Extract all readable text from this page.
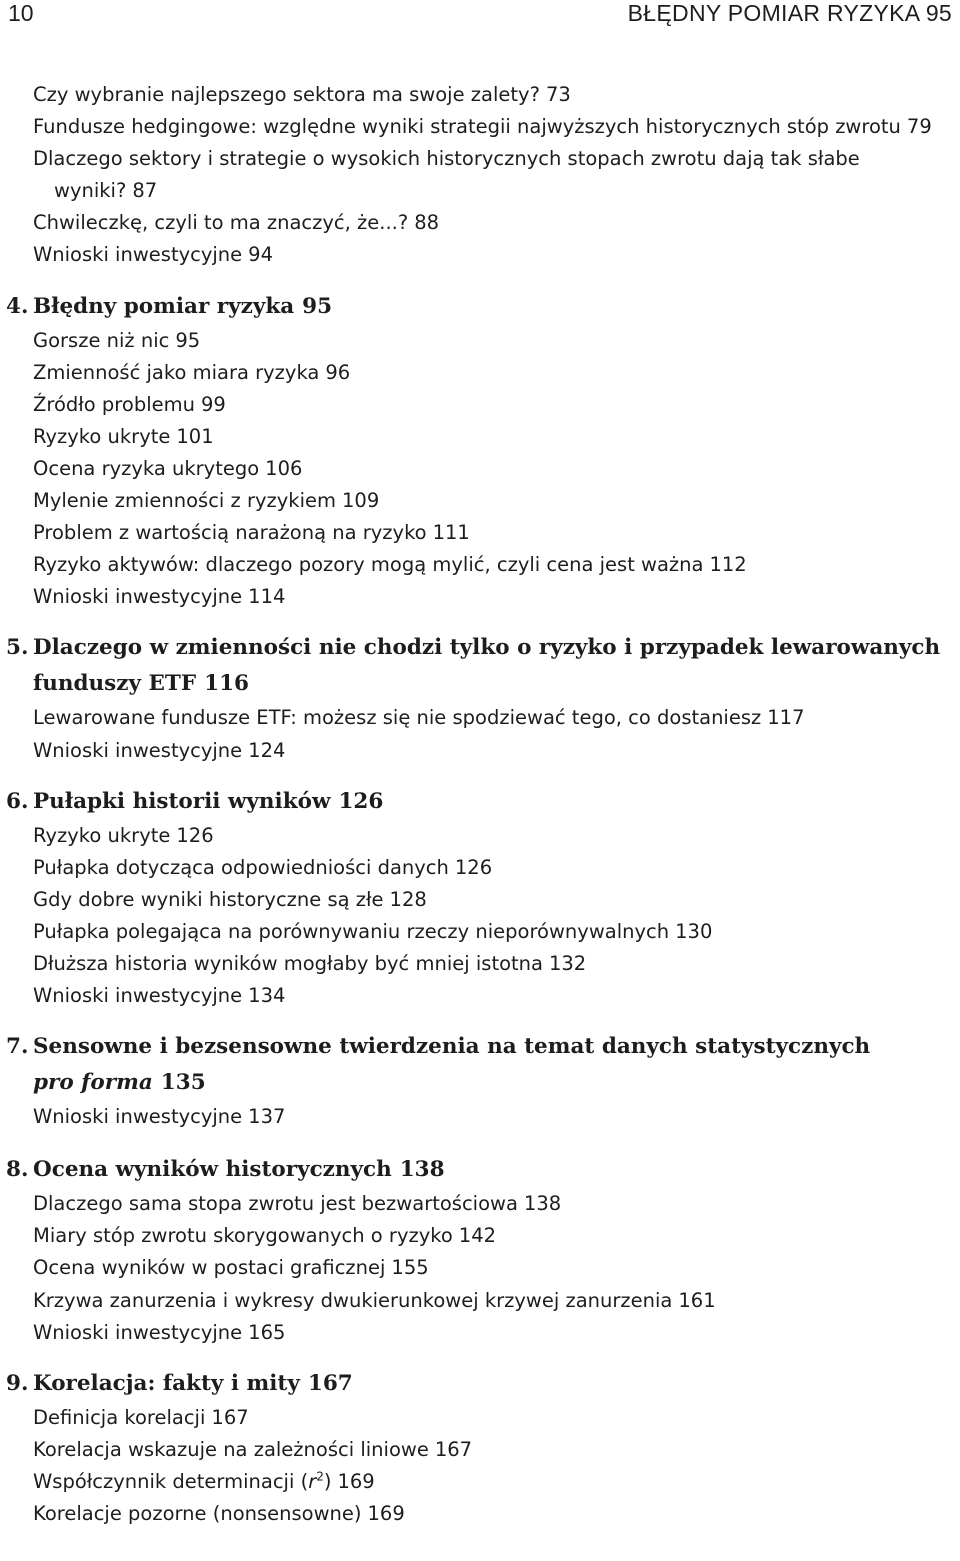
10	BŁĘDNY POMIAR RYZYKA 95
Czy wybranie najlepszego sektora ma swoje zalety? 73
Fundusze hedgingowe: względne wyniki strategii najwyższych historycznych stóp zwrotu 79
Dlaczego sektory i strategie o wysokich historycznych stopach zwrotu dają tak słabe
wyniki? 87
Chwileczkę, czyli to ma znaczyć, że...? 88
Wnioski inwestycyjne 94
4. Błędny pomiar ryzyka 95
Gorsze niż nic 95
Zmienność jako miara ryzyka 96
Źródło problemu 99
Ryzyko ukryte 101
Ocena ryzyka ukrytego 106
Mylenie zmienności z ryzykiem 109
Problem z wartością narażoną na ryzyko 111
Ryzyko aktywów: dlaczego pozory mogą mylić, czyli cena jest ważna 112
Wnioski inwestycyjne 114
5. Dlaczego w zmienności nie chodzi tylko o ryzyko i przypadek lewarowanych
funduszy ETF 116
Lewarowane fundusze ETF: możesz się nie spodziewać tego, co dostaniesz 117
Wnioski inwestycyjne 124
6. Pułapki historii wyników 126
Ryzyko ukryte 126
Pułapka dotycząca odpowiedniości danych 126
Gdy dobre wyniki historyczne są złe 128
Pułapka polegająca na porównywaniu rzeczy nieporównywalnych 130
Dłuższa historia wyników mogłaby być mniej istotna 132
Wnioski inwestycyjne 134
7. Sensowne i bezsensowne twierdzenia na temat danych statystycznych
pro forma 135
Wnioski inwestycyjne 137
8. Ocena wyników historycznych 138
Dlaczego sama stopa zwrotu jest bezwartościowa 138
Miary stóp zwrotu skorygowanych o ryzyko 142
Ocena wyników w postaci graficznej 155
Krzywa zanurzenia i wykresy dwukierunkowej krzywej zanurzenia 161
Wnioski inwestycyjne 165
9. Korelacja: fakty i mity 167
Definicja korelacji 167
Korelacja wskazuje na zależności liniowe 167
Współczynnik determinacji $(r^2)$ 169
Korelacje pozorne (nonsensowne) 169
